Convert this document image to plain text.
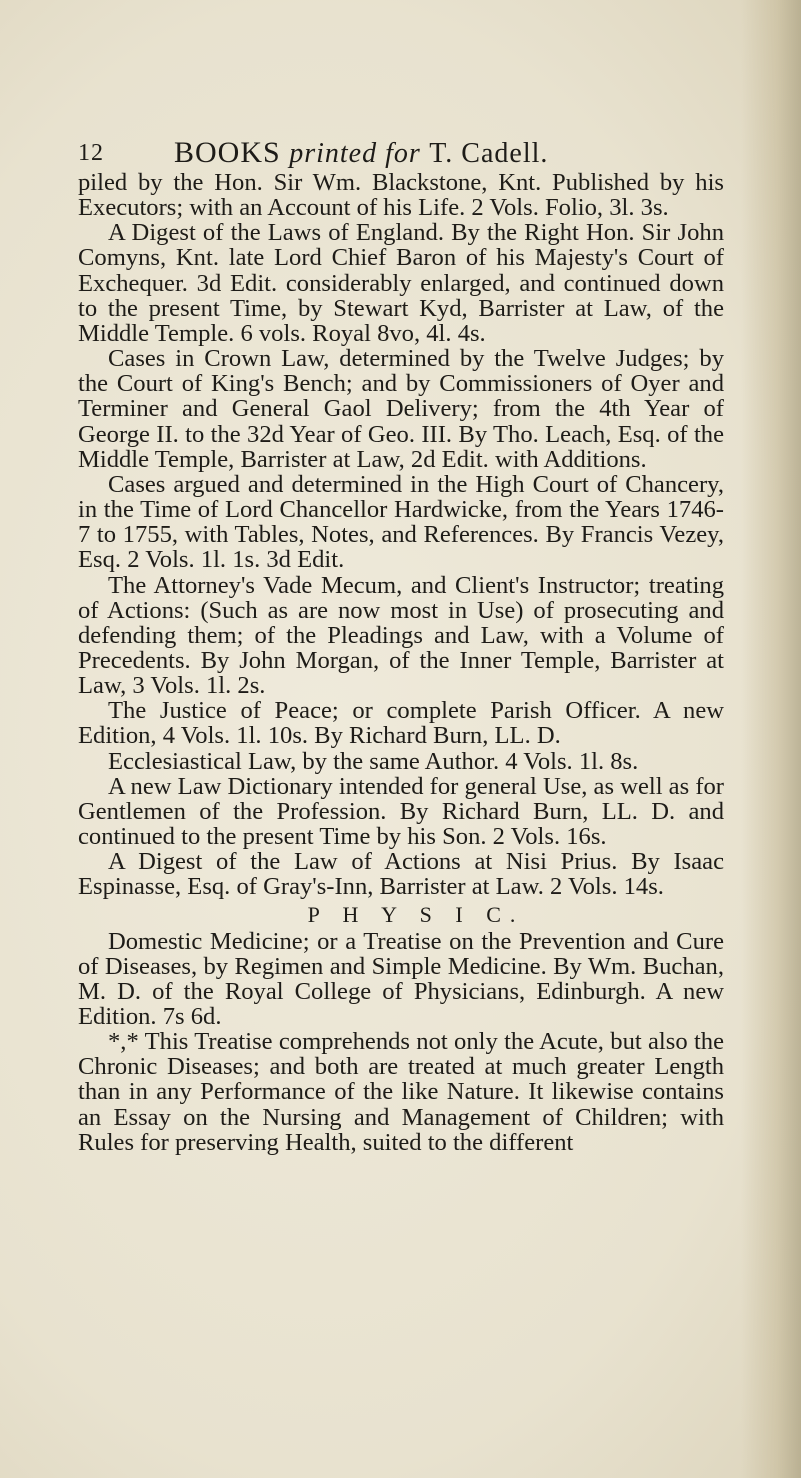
12 BOOKS printed for T. Cadell.
piled by the Hon. Sir Wm. Blackstone, Knt. Published by his Executors; with an Account of his Life. 2 Vols. Folio, 3l. 3s.
A Digest of the Laws of England. By the Right Hon. Sir John Comyns, Knt. late Lord Chief Baron of his Majesty's Court of Exchequer. 3d Edit. considerably enlarged, and continued down to the present Time, by Stewart Kyd, Barrister at Law, of the Middle Temple. 6 vols. Royal 8vo, 4l. 4s.
Cases in Crown Law, determined by the Twelve Judges; by the Court of King's Bench; and by Commissioners of Oyer and Terminer and General Gaol Delivery; from the 4th Year of George II. to the 32d Year of Geo. III. By Tho. Leach, Esq. of the Middle Temple, Barrister at Law, 2d Edit. with Additions.
Cases argued and determined in the High Court of Chancery, in the Time of Lord Chancellor Hardwicke, from the Years 1746-7 to 1755, with Tables, Notes, and References. By Francis Vezey, Esq. 2 Vols. 1l. 1s. 3d Edit.
The Attorney's Vade Mecum, and Client's Instructor; treating of Actions: (Such as are now most in Use) of prosecuting and defending them; of the Pleadings and Law, with a Volume of Precedents. By John Morgan, of the Inner Temple, Barrister at Law, 3 Vols. 1l. 2s.
The Justice of Peace; or complete Parish Officer. A new Edition, 4 Vols. 1l. 10s. By Richard Burn, LL. D.
Ecclesiastical Law, by the same Author. 4 Vols. 1l. 8s.
A new Law Dictionary intended for general Use, as well as for Gentlemen of the Profession. By Richard Burn, LL. D. and continued to the present Time by his Son. 2 Vols. 16s.
A Digest of the Law of Actions at Nisi Prius. By Isaac Espinasse, Esq. of Gray's-Inn, Barrister at Law. 2 Vols. 14s.
P H Y S I C.
Domestic Medicine; or a Treatise on the Prevention and Cure of Diseases, by Regimen and Simple Medicine. By Wm. Buchan, M. D. of the Royal College of Physicians, Edinburgh. A new Edition. 7s 6d.
*,* This Treatise comprehends not only the Acute, but also the Chronic Diseases; and both are treated at much greater Length than in any Performance of the like Nature. It likewise contains an Essay on the Nursing and Management of Children; with Rules for preserving Health, suited to the different
